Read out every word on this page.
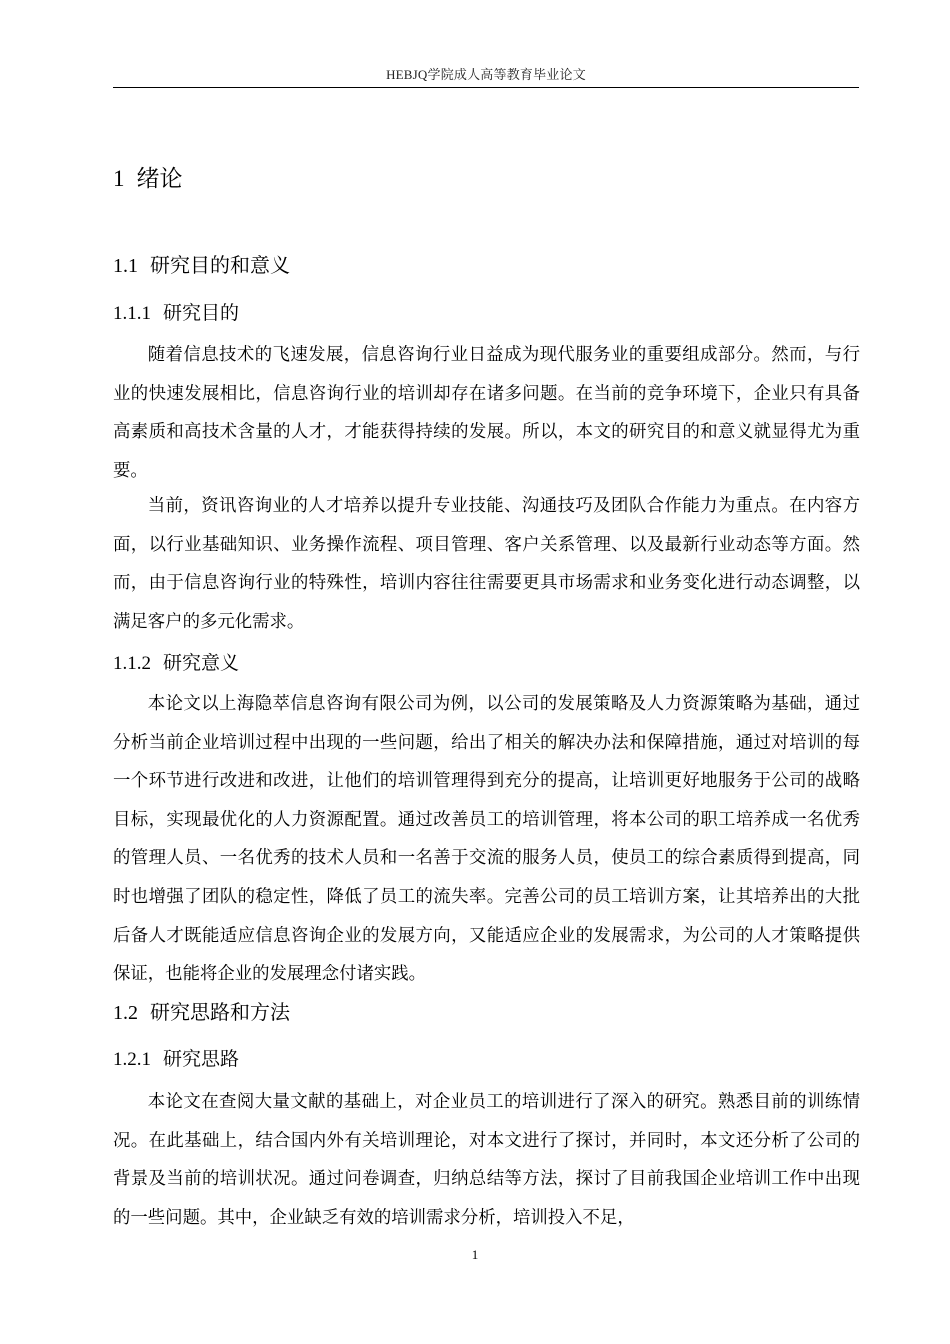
HEBJQ学院成人高等教育毕业论文
1 绪论
1.1 研究目的和意义
1.1.1 研究目的

随着信息技术的飞速发展，信息咨询行业日益成为现代服务业的重要组成部分。然而，与行业的快速发展相比，信息咨询行业的培训却存在诸多问题。在当前的竞争环境下，企业只有具备高素质和高技术含量的人才，才能获得持续的发展。所以，本文的研究目的和意义就显得尤为重要。

当前，资讯咨询业的人才培养以提升专业技能、沟通技巧及团队合作能力为重点。在内容方面，以行业基础知识、业务操作流程、项目管理、客户关系管理、以及最新行业动态等方面。然而，由于信息咨询行业的特殊性，培训内容往往需要更具市场需求和业务变化进行动态调整，以满足客户的多元化需求。

1.1.2 研究意义

本论文以上海隐萃信息咨询有限公司为例，以公司的发展策略及人力资源策略为基础，通过分析当前企业培训过程中出现的一些问题，给出了相关的解决办法和保障措施，通过对培训的每一个环节进行改进和改进，让他们的培训管理得到充分的提高，让培训更好地服务于公司的战略目标，实现最优化的人力资源配置。通过改善员工的培训管理，将本公司的职工培养成一名优秀的管理人员、一名优秀的技术人员和一名善于交流的服务人员，使员工的综合素质得到提高，同时也增强了团队的稳定性，降低了员工的流失率。完善公司的员工培训方案，让其培养出的大批后备人才既能适应信息咨询企业的发展方向，又能适应企业的发展需求，为公司的人才策略提供保证，也能将企业的发展理念付诸实践。

1.2 研究思路和方法
1.2.1 研究思路

本论文在查阅大量文献的基础上，对企业员工的培训进行了深入的研究。熟悉目前的训练情况。在此基础上，结合国内外有关培训理论，对本文进行了探讨，并同时，本文还分析了公司的背景及当前的培训状况。通过问卷调查，归纳总结等方法，探讨了目前我国企业培训工作中出现的一些问题。其中，企业缺乏有效的培训需求分析，培训投入不足，

1
